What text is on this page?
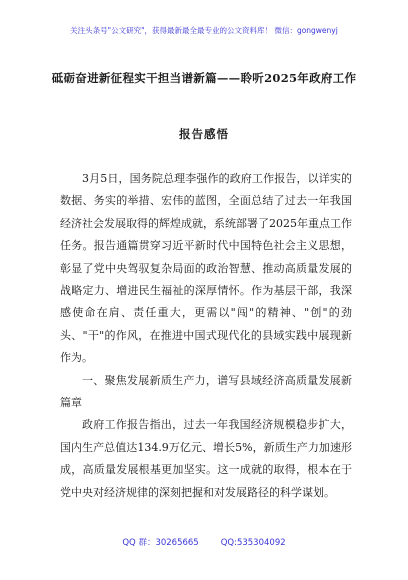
关注头条号"公文研究"，获得最新最全最专业的公文资料库！ 微信：gongwenyj
砥砺奋进新征程实干担当谱新篇——聆听2025年政府工作
报告感悟

3月5日，国务院总理李强作的政府工作报告，以详实的数据、务实的举措、宏伟的蓝图，全面总结了过去一年我国经济社会发展取得的辉煌成就，系统部署了2025年重点工作任务。报告通篇贯穿习近平新时代中国特色社会主义思想，彰显了党中央驾驭复杂局面的政治智慧、推动高质量发展的战略定力、增进民生福祉的深厚情怀。作为基层干部，我深感使命在肩、责任重大，更需以"闯"的精神、"创"的劲头、"干"的作风，在推进中国式现代化的县域实践中展现新作为。

一、聚焦发展新质生产力，谱写县域经济高质量发展新篇章

政府工作报告指出，过去一年我国经济规模稳步扩大，国内生产总值达134.9万亿元、增长5%，新质生产力加速形成，高质量发展根基更加坚实。这一成就的取得，根本在于党中央对经济规律的深刻把握和对发展路径的科学谋划。

QQ 群：30265665	QQ:535304092
